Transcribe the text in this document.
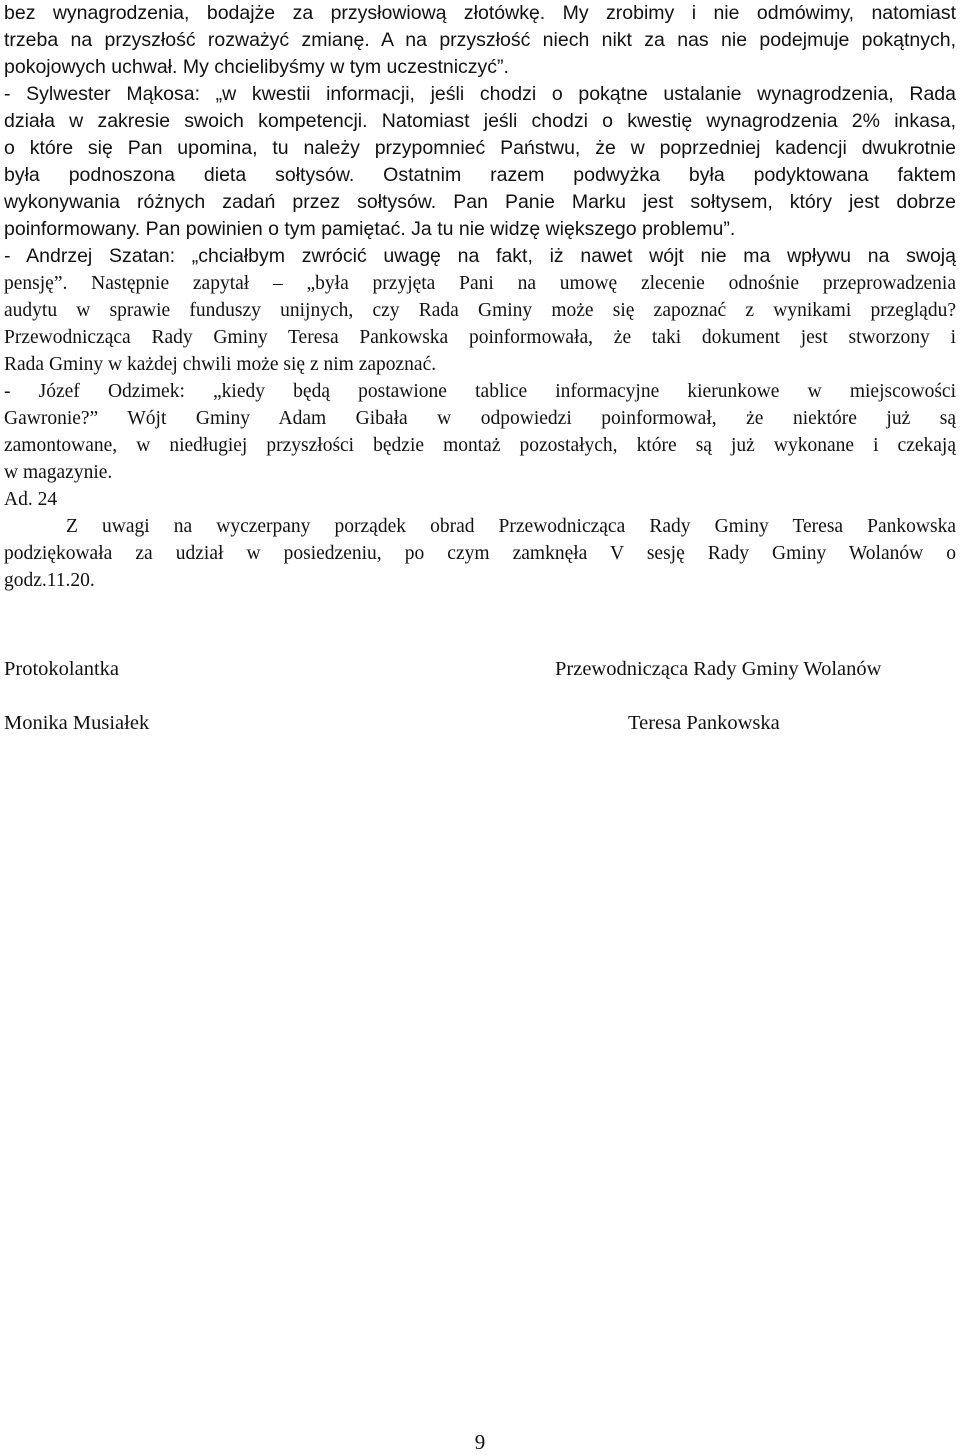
bez wynagrodzenia, bodajże za przysłowiową złotówkę. My zrobimy i nie odmówimy, natomiast
trzeba na przyszłość rozważyć zmianę. A na przyszłość niech nikt za nas nie podejmuje pokątnych,
pokojowych uchwał. My chcielibyśmy w tym uczestniczyć”.
- Sylwester Mąkosa: „w kwestii informacji, jeśli chodzi o pokątne ustalanie wynagrodzenia, Rada
działa w zakresie swoich kompetencji. Natomiast jeśli chodzi o kwestię wynagrodzenia 2% inkasa,
o które się Pan upomina, tu należy przypomnieć Państwu, że w poprzedniej kadencji dwukrotnie
była podnoszona dieta sołtysów. Ostatnim razem podwyżka była podyktowana faktem
wykonywania różnych zadań przez sołtysów. Pan Panie Marku jest sołtysem, który jest dobrze
poinformowany. Pan powinien o tym pamiętać. Ja tu nie widzę większego problemu”.
- Andrzej Szatan: „chciałbym zwrócić uwagę na fakt, iż nawet wójt nie ma wpływu na swoją
pensję”. Następnie zapytał – „była przyjęta Pani na umowę zlecenie odnośnie przeprowadzenia
audytu w sprawie funduszy unijnych, czy Rada Gminy może się zapoznać z wynikami przeglądu?
Przewodnicząca Rady Gminy Teresa Pankowska poinformowała, że taki dokument jest stworzony i
Rada Gminy w każdej chwili może się z nim zapoznać.
- Józef Odzimek: „kiedy będą postawione tablice informacyjne kierunkowe w miejscowości
Gawronie?” Wójt Gminy Adam Gibała w odpowiedzi poinformował, że niektóre już są
zamontowane, w niedługiej przyszłości będzie montaż pozostałych, które są już wykonane i czekają
w magazynie.
Ad. 24
Z uwagi na wyczerpany porządek obrad Przewodnicząca Rady Gminy Teresa Pankowska
podziękowała za udział w posiedzeniu, po czym zamknęła V sesję Rady Gminy Wolanów o
godz.11.20.
Protokolantka
Monika Musiałek
Przewodnicząca Rady Gminy Wolanów
Teresa Pankowska
9
